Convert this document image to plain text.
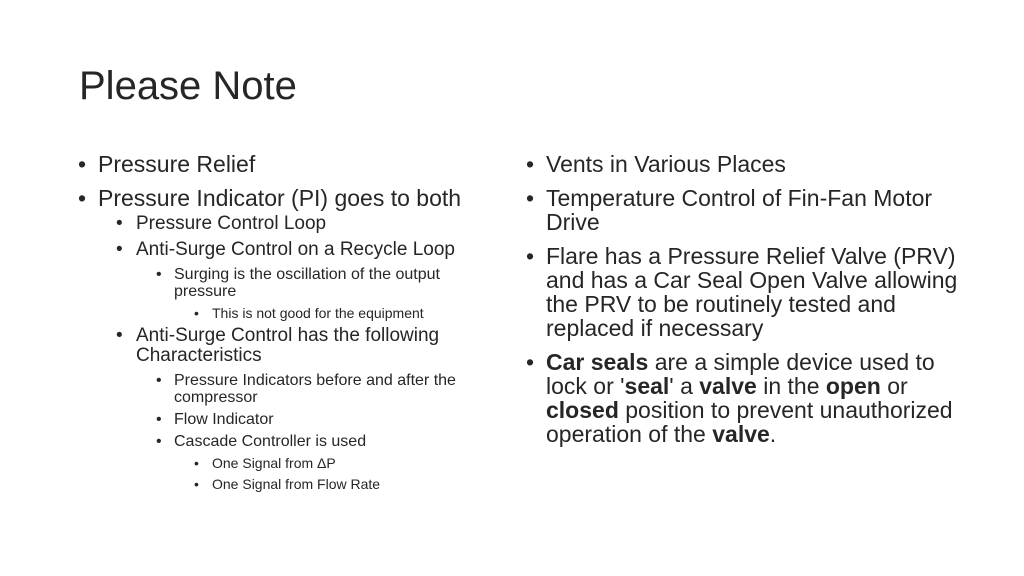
Please Note
• Pressure Relief
• Pressure Indicator (PI) goes to both
• Pressure Control Loop
• Anti-Surge Control on a Recycle Loop
• Surging is the oscillation of the output pressure
• This is not good for the equipment
• Anti-Surge Control has the following Characteristics
• Pressure Indicators before and after the compressor
• Flow Indicator
• Cascade Controller is used
• One Signal from ΔP
• One Signal from Flow Rate
• Vents in Various Places
• Temperature Control of Fin-Fan Motor Drive
• Flare has a Pressure Relief Valve (PRV) and has a Car Seal Open Valve allowing the PRV to be routinely tested and replaced if necessary
• Car seals are a simple device used to lock or 'seal' a valve in the open or closed position to prevent unauthorized operation of the valve.
